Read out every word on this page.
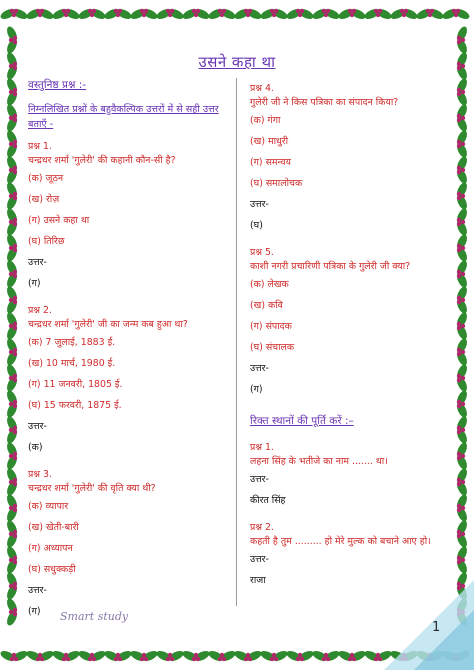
उसने कहा था
वस्तुनिष्ठ प्रश्न :-
निम्नलिखित प्रश्नों के बहुवैकल्पिक उत्तरों में से सही उत्तर बताएँ -
प्रश्न 1.
चन्द्रधर शर्मा 'गुलेरी' की कहानी कौन-सी है?
(क) जूठन
(ख) रोज़
(ग) उसने कहा था
(घ) तिरिछ
उत्तर-
(ग)
प्रश्न 2.
चन्द्रधर शर्मा 'गुलेरी' जी का जन्म कब हुआ था?
(क) 7 जुलाई, 1883 ई.
(ख) 10 मार्च, 1980 ई.
(ग) 11 जनवरी, 1805 ई.
(घ) 15 फरवरी, 1875 ई.
उत्तर-
(क)
प्रश्न 3.
चन्द्रधर शर्मा 'गुलेरी' की वृति क्या थी?
(क) व्यापार
(ख) खेती-बारी
(ग) अध्यापन
(घ) सधुक्कड़ी
उत्तर-
(ग)
प्रश्न 4.
गुलेरी जी ने किस पत्रिका का संपादन किया?
(क) गंगा
(ख) माधुरी
(ग) समन्वय
(घ) समालोचक
उत्तर-
(घ)
प्रश्न 5.
काशी नगरी प्रचारिणी पत्रिका के गुलेरी जी क्या?
(क) लेखक
(ख) कवि
(ग) संपादक
(घ) संचालक
उत्तर-
(ग)
रिक्त स्थानों की पूर्ति करें :–
प्रश्न 1.
लहना सिंह के भतीजे का नाम ....... था।
उत्तर-
कीरत सिंह
प्रश्न 2.
कहती है तुम ......... हो मेरे मुल्क को बचाने आए हो।
उत्तर-
राजा
Smart study
1
